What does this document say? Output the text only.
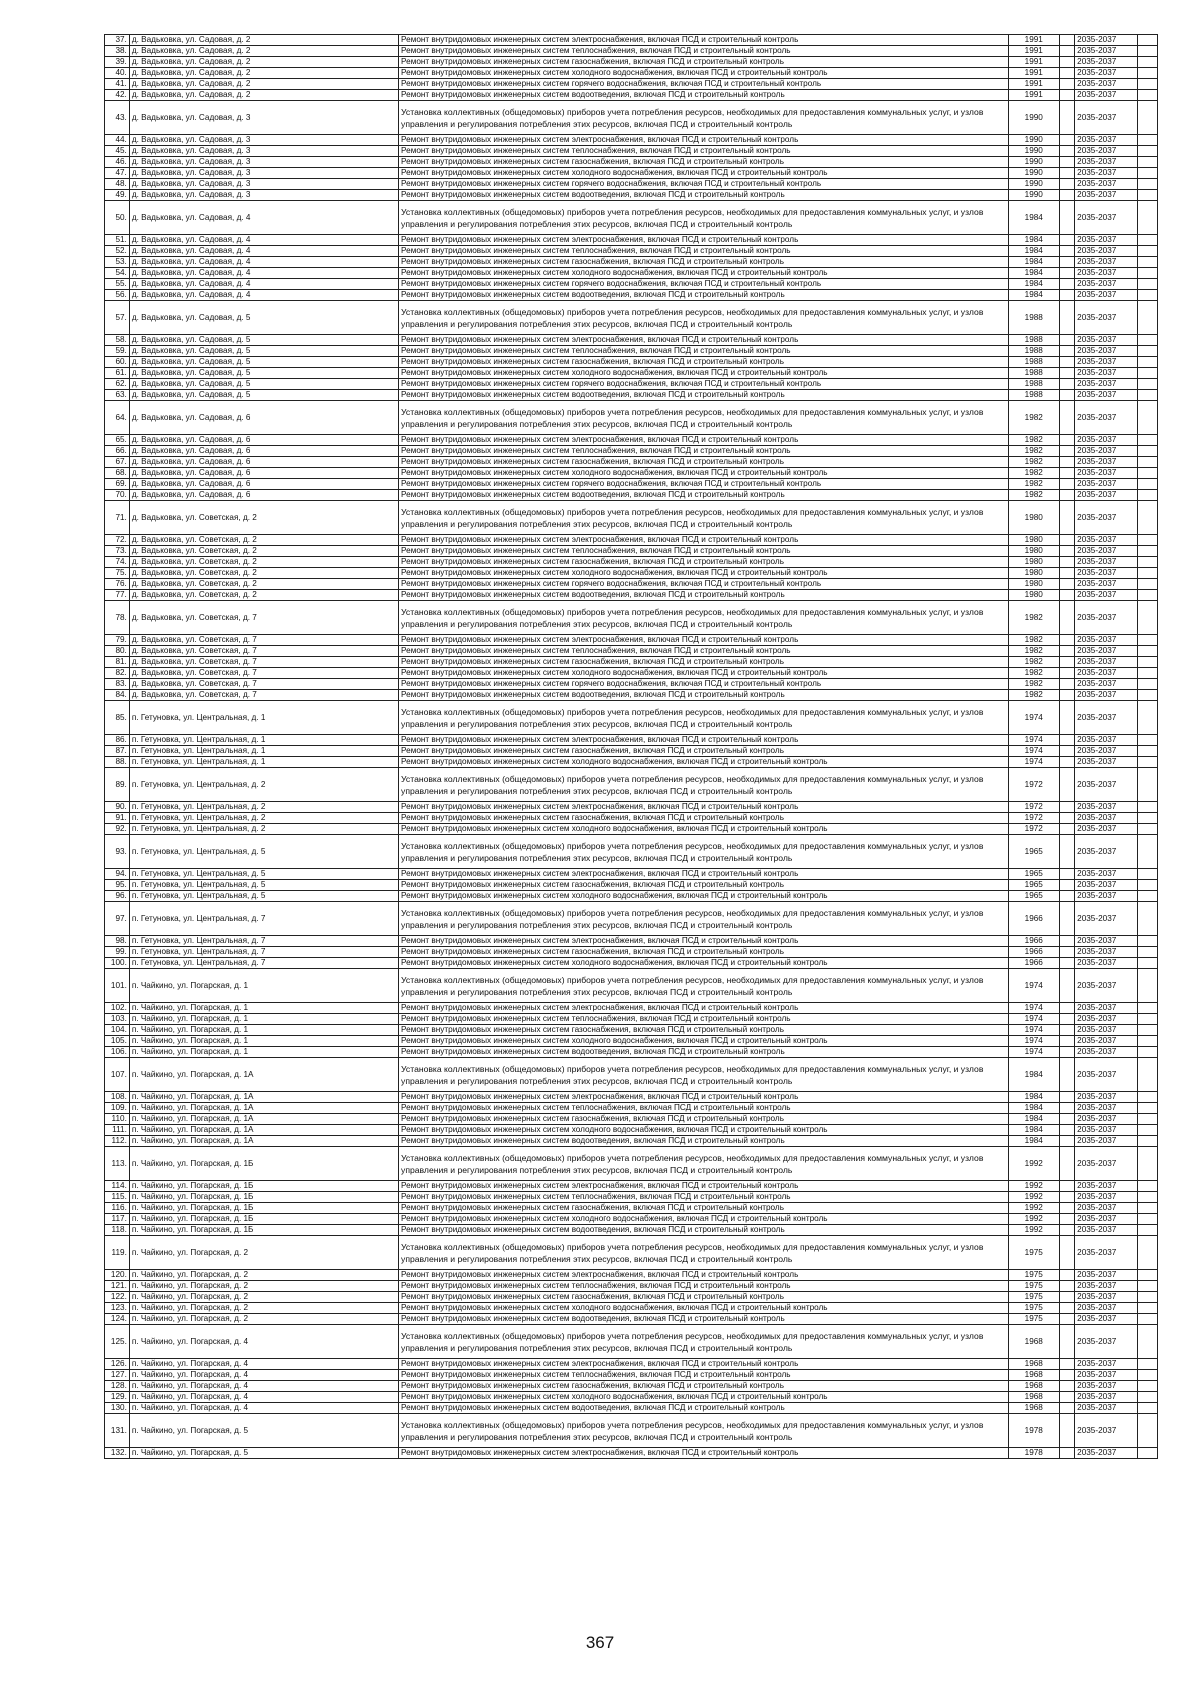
37.	д. Вадьковка, ул. Садовая, д. 2	Ремонт внутридомовых инженерных систем электроснабжения, включая ПСД и строительный контроль	1991		2035-2037	
38.	д. Вадьковка, ул. Садовая, д. 2	Ремонт внутридомовых инженерных систем теплоснабжения, включая ПСД и строительный контроль	1991		2035-2037	
39.	д. Вадьковка, ул. Садовая, д. 2	Ремонт внутридомовых инженерных систем газоснабжения, включая ПСД и строительный контроль	1991		2035-2037	
40.	д. Вадьковка, ул. Садовая, д. 2	Ремонт внутридомовых инженерных систем холодного водоснабжения, включая ПСД и строительный контроль	1991		2035-2037	
41.	д. Вадьковка, ул. Садовая, д. 2	Ремонт внутридомовых инженерных систем горячего водоснабжения, включая ПСД и строительный контроль	1991		2035-2037	
42.	д. Вадьковка, ул. Садовая, д. 2	Ремонт внутридомовых инженерных систем водоотведения, включая ПСД и строительный контроль	1991		2035-2037	
43.	д. Вадьковка, ул. Садовая, д. 3	Установка коллективных (общедомовых) приборов учета потребления ресурсов, необходимых для предоставления коммунальных услуг, и узлов управления и регулирования потребления этих ресурсов, включая ПСД и строительный контроль	1990		2035-2037	
44.	д. Вадьковка, ул. Садовая, д. 3	Ремонт внутридомовых инженерных систем электроснабжения, включая ПСД и строительный контроль	1990		2035-2037	
45.	д. Вадьковка, ул. Садовая, д. 3	Ремонт внутридомовых инженерных систем теплоснабжения, включая ПСД и строительный контроль	1990		2035-2037	
46.	д. Вадьковка, ул. Садовая, д. 3	Ремонт внутридомовых инженерных систем газоснабжения, включая ПСД и строительный контроль	1990		2035-2037	
47.	д. Вадьковка, ул. Садовая, д. 3	Ремонт внутридомовых инженерных систем холодного водоснабжения, включая ПСД и строительный контроль	1990		2035-2037	
48.	д. Вадьковка, ул. Садовая, д. 3	Ремонт внутридомовых инженерных систем горячего водоснабжения, включая ПСД и строительный контроль	1990		2035-2037	
49.	д. Вадьковка, ул. Садовая, д. 3	Ремонт внутридомовых инженерных систем водоотведения, включая ПСД и строительный контроль	1990		2035-2037	
50.	д. Вадьковка, ул. Садовая, д. 4	Установка коллективных (общедомовых) приборов учета потребления ресурсов, необходимых для предоставления коммунальных услуг, и узлов управления и регулирования потребления этих ресурсов, включая ПСД и строительный контроль	1984		2035-2037	
51.	д. Вадьковка, ул. Садовая, д. 4	Ремонт внутридомовых инженерных систем электроснабжения, включая ПСД и строительный контроль	1984		2035-2037	
52.	д. Вадьковка, ул. Садовая, д. 4	Ремонт внутридомовых инженерных систем теплоснабжения, включая ПСД и строительный контроль	1984		2035-2037	
53.	д. Вадьковка, ул. Садовая, д. 4	Ремонт внутридомовых инженерных систем газоснабжения, включая ПСД и строительный контроль	1984		2035-2037	
54.	д. Вадьковка, ул. Садовая, д. 4	Ремонт внутридомовых инженерных систем холодного водоснабжения, включая ПСД и строительный контроль	1984		2035-2037	
55.	д. Вадьковка, ул. Садовая, д. 4	Ремонт внутридомовых инженерных систем горячего водоснабжения, включая ПСД и строительный контроль	1984		2035-2037	
56.	д. Вадьковка, ул. Садовая, д. 4	Ремонт внутридомовых инженерных систем водоотведения, включая ПСД и строительный контроль	1984		2035-2037	
57.	д. Вадьковка, ул. Садовая, д. 5	Установка коллективных (общедомовых) приборов учета потребления ресурсов, необходимых для предоставления коммунальных услуг, и узлов управления и регулирования потребления этих ресурсов, включая ПСД и строительный контроль	1988		2035-2037	
58.	д. Вадьковка, ул. Садовая, д. 5	Ремонт внутридомовых инженерных систем электроснабжения, включая ПСД и строительный контроль	1988		2035-2037	
59.	д. Вадьковка, ул. Садовая, д. 5	Ремонт внутридомовых инженерных систем теплоснабжения, включая ПСД и строительный контроль	1988		2035-2037	
60.	д. Вадьковка, ул. Садовая, д. 5	Ремонт внутридомовых инженерных систем газоснабжения, включая ПСД и строительный контроль	1988		2035-2037	
61.	д. Вадьковка, ул. Садовая, д. 5	Ремонт внутридомовых инженерных систем холодного водоснабжения, включая ПСД и строительный контроль	1988		2035-2037	
62.	д. Вадьковка, ул. Садовая, д. 5	Ремонт внутридомовых инженерных систем горячего водоснабжения, включая ПСД и строительный контроль	1988		2035-2037	
63.	д. Вадьковка, ул. Садовая, д. 5	Ремонт внутридомовых инженерных систем водоотведения, включая ПСД и строительный контроль	1988		2035-2037	
64.	д. Вадьковка, ул. Садовая, д. 6	Установка коллективных (общедомовых) приборов учета потребления ресурсов, необходимых для предоставления коммунальных услуг, и узлов управления и регулирования потребления этих ресурсов, включая ПСД и строительный контроль	1982		2035-2037	
65.	д. Вадьковка, ул. Садовая, д. 6	Ремонт внутридомовых инженерных систем электроснабжения, включая ПСД и строительный контроль	1982		2035-2037	
66.	д. Вадьковка, ул. Садовая, д. 6	Ремонт внутридомовых инженерных систем теплоснабжения, включая ПСД и строительный контроль	1982		2035-2037	
67.	д. Вадьковка, ул. Садовая, д. 6	Ремонт внутридомовых инженерных систем газоснабжения, включая ПСД и строительный контроль	1982		2035-2037	
68.	д. Вадьковка, ул. Садовая, д. 6	Ремонт внутридомовых инженерных систем холодного водоснабжения, включая ПСД и строительный контроль	1982		2035-2037	
69.	д. Вадьковка, ул. Садовая, д. 6	Ремонт внутридомовых инженерных систем горячего водоснабжения, включая ПСД и строительный контроль	1982		2035-2037	
70.	д. Вадьковка, ул. Садовая, д. 6	Ремонт внутридомовых инженерных систем водоотведения, включая ПСД и строительный контроль	1982		2035-2037	
71.	д. Вадьковка, ул. Советская, д. 2	Установка коллективных (общедомовых) приборов учета потребления ресурсов, необходимых для предоставления коммунальных услуг, и узлов управления и регулирования потребления этих ресурсов, включая ПСД и строительный контроль	1980		2035-2037	
72.	д. Вадьковка, ул. Советская, д. 2	Ремонт внутридомовых инженерных систем электроснабжения, включая ПСД и строительный контроль	1980		2035-2037	
73.	д. Вадьковка, ул. Советская, д. 2	Ремонт внутридомовых инженерных систем теплоснабжения, включая ПСД и строительный контроль	1980		2035-2037	
74.	д. Вадьковка, ул. Советская, д. 2	Ремонт внутридомовых инженерных систем газоснабжения, включая ПСД и строительный контроль	1980		2035-2037	
75.	д. Вадьковка, ул. Советская, д. 2	Ремонт внутридомовых инженерных систем холодного водоснабжения, включая ПСД и строительный контроль	1980		2035-2037	
76.	д. Вадьковка, ул. Советская, д. 2	Ремонт внутридомовых инженерных систем горячего водоснабжения, включая ПСД и строительный контроль	1980		2035-2037	
77.	д. Вадьковка, ул. Советская, д. 2	Ремонт внутридомовых инженерных систем водоотведения, включая ПСД и строительный контроль	1980		2035-2037	
78.	д. Вадьковка, ул. Советская, д. 7	Установка коллективных (общедомовых) приборов учета потребления ресурсов, необходимых для предоставления коммунальных услуг, и узлов управления и регулирования потребления этих ресурсов, включая ПСД и строительный контроль	1982		2035-2037	
79.	д. Вадьковка, ул. Советская, д. 7	Ремонт внутридомовых инженерных систем электроснабжения, включая ПСД и строительный контроль	1982		2035-2037	
80.	д. Вадьковка, ул. Советская, д. 7	Ремонт внутридомовых инженерных систем теплоснабжения, включая ПСД и строительный контроль	1982		2035-2037	
81.	д. Вадьковка, ул. Советская, д. 7	Ремонт внутридомовых инженерных систем газоснабжения, включая ПСД и строительный контроль	1982		2035-2037	
82.	д. Вадьковка, ул. Советская, д. 7	Ремонт внутридомовых инженерных систем холодного водоснабжения, включая ПСД и строительный контроль	1982		2035-2037	
83.	д. Вадьковка, ул. Советская, д. 7	Ремонт внутридомовых инженерных систем горячего водоснабжения, включая ПСД и строительный контроль	1982		2035-2037	
84.	д. Вадьковка, ул. Советская, д. 7	Ремонт внутридомовых инженерных систем водоотведения, включая ПСД и строительный контроль	1982		2035-2037	
85.	п. Гетуновка, ул. Центральная, д. 1	Установка коллективных (общедомовых) приборов учета потребления ресурсов, необходимых для предоставления коммунальных услуг, и узлов управления и регулирования потребления этих ресурсов, включая ПСД и строительный контроль	1974		2035-2037	
86.	п. Гетуновка, ул. Центральная, д. 1	Ремонт внутридомовых инженерных систем электроснабжения, включая ПСД и строительный контроль	1974		2035-2037	
87.	п. Гетуновка, ул. Центральная, д. 1	Ремонт внутридомовых инженерных систем газоснабжения, включая ПСД и строительный контроль	1974		2035-2037	
88.	п. Гетуновка, ул. Центральная, д. 1	Ремонт внутридомовых инженерных систем холодного водоснабжения, включая ПСД и строительный контроль	1974		2035-2037	
89.	п. Гетуновка, ул. Центральная, д. 2	Установка коллективных (общедомовых) приборов учета потребления ресурсов, необходимых для предоставления коммунальных услуг, и узлов управления и регулирования потребления этих ресурсов, включая ПСД и строительный контроль	1972		2035-2037	
90.	п. Гетуновка, ул. Центральная, д. 2	Ремонт внутридомовых инженерных систем электроснабжения, включая ПСД и строительный контроль	1972		2035-2037	
91.	п. Гетуновка, ул. Центральная, д. 2	Ремонт внутридомовых инженерных систем газоснабжения, включая ПСД и строительный контроль	1972		2035-2037	
92.	п. Гетуновка, ул. Центральная, д. 2	Ремонт внутридомовых инженерных систем холодного водоснабжения, включая ПСД и строительный контроль	1972		2035-2037	
93.	п. Гетуновка, ул. Центральная, д. 5	Установка коллективных (общедомовых) приборов учета потребления ресурсов, необходимых для предоставления коммунальных услуг, и узлов управления и регулирования потребления этих ресурсов, включая ПСД и строительный контроль	1965		2035-2037	
94.	п. Гетуновка, ул. Центральная, д. 5	Ремонт внутридомовых инженерных систем электроснабжения, включая ПСД и строительный контроль	1965		2035-2037	
95.	п. Гетуновка, ул. Центральная, д. 5	Ремонт внутридомовых инженерных систем газоснабжения, включая ПСД и строительный контроль	1965		2035-2037	
96.	п. Гетуновка, ул. Центральная, д. 5	Ремонт внутридомовых инженерных систем холодного водоснабжения, включая ПСД и строительный контроль	1965		2035-2037	
97.	п. Гетуновка, ул. Центральная, д. 7	Установка коллективных (общедомовых) приборов учета потребления ресурсов, необходимых для предоставления коммунальных услуг, и узлов управления и регулирования потребления этих ресурсов, включая ПСД и строительный контроль	1966		2035-2037	
98.	п. Гетуновка, ул. Центральная, д. 7	Ремонт внутридомовых инженерных систем электроснабжения, включая ПСД и строительный контроль	1966		2035-2037	
99.	п. Гетуновка, ул. Центральная, д. 7	Ремонт внутридомовых инженерных систем газоснабжения, включая ПСД и строительный контроль	1966		2035-2037	
100.	п. Гетуновка, ул. Центральная, д. 7	Ремонт внутридомовых инженерных систем холодного водоснабжения, включая ПСД и строительный контроль	1966		2035-2037	
101.	п. Чайкино, ул. Погарская, д. 1	Установка коллективных (общедомовых) приборов учета потребления ресурсов, необходимых для предоставления коммунальных услуг, и узлов управления и регулирования потребления этих ресурсов, включая ПСД и строительный контроль	1974		2035-2037	
102.	п. Чайкино, ул. Погарская, д. 1	Ремонт внутридомовых инженерных систем электроснабжения, включая ПСД и строительный контроль	1974		2035-2037	
103.	п. Чайкино, ул. Погарская, д. 1	Ремонт внутридомовых инженерных систем теплоснабжения, включая ПСД и строительный контроль	1974		2035-2037	
104.	п. Чайкино, ул. Погарская, д. 1	Ремонт внутридомовых инженерных систем газоснабжения, включая ПСД и строительный контроль	1974		2035-2037	
105.	п. Чайкино, ул. Погарская, д. 1	Ремонт внутридомовых инженерных систем холодного водоснабжения, включая ПСД и строительный контроль	1974		2035-2037	
106.	п. Чайкино, ул. Погарская, д. 1	Ремонт внутридомовых инженерных систем водоотведения, включая ПСД и строительный контроль	1974		2035-2037	
107.	п. Чайкино, ул. Погарская, д. 1А	Установка коллективных (общедомовых) приборов учета потребления ресурсов, необходимых для предоставления коммунальных услуг, и узлов управления и регулирования потребления этих ресурсов, включая ПСД и строительный контроль	1984		2035-2037	
108.	п. Чайкино, ул. Погарская, д. 1А	Ремонт внутридомовых инженерных систем электроснабжения, включая ПСД и строительный контроль	1984		2035-2037	
109.	п. Чайкино, ул. Погарская, д. 1А	Ремонт внутридомовых инженерных систем теплоснабжения, включая ПСД и строительный контроль	1984		2035-2037	
110.	п. Чайкино, ул. Погарская, д. 1А	Ремонт внутридомовых инженерных систем газоснабжения, включая ПСД и строительный контроль	1984		2035-2037	
111.	п. Чайкино, ул. Погарская, д. 1А	Ремонт внутридомовых инженерных систем холодного водоснабжения, включая ПСД и строительный контроль	1984		2035-2037	
112.	п. Чайкино, ул. Погарская, д. 1А	Ремонт внутридомовых инженерных систем водоотведения, включая ПСД и строительный контроль	1984		2035-2037	
113.	п. Чайкино, ул. Погарская, д. 1Б	Установка коллективных (общедомовых) приборов учета потребления ресурсов, необходимых для предоставления коммунальных услуг, и узлов управления и регулирования потребления этих ресурсов, включая ПСД и строительный контроль	1992		2035-2037	
114.	п. Чайкино, ул. Погарская, д. 1Б	Ремонт внутридомовых инженерных систем электроснабжения, включая ПСД и строительный контроль	1992		2035-2037	
115.	п. Чайкино, ул. Погарская, д. 1Б	Ремонт внутридомовых инженерных систем теплоснабжения, включая ПСД и строительный контроль	1992		2035-2037	
116.	п. Чайкино, ул. Погарская, д. 1Б	Ремонт внутридомовых инженерных систем газоснабжения, включая ПСД и строительный контроль	1992		2035-2037	
117.	п. Чайкино, ул. Погарская, д. 1Б	Ремонт внутридомовых инженерных систем холодного водоснабжения, включая ПСД и строительный контроль	1992		2035-2037	
118.	п. Чайкино, ул. Погарская, д. 1Б	Ремонт внутридомовых инженерных систем водоотведения, включая ПСД и строительный контроль	1992		2035-2037	
119.	п. Чайкино, ул. Погарская, д. 2	Установка коллективных (общедомовых) приборов учета потребления ресурсов, необходимых для предоставления коммунальных услуг, и узлов управления и регулирования потребления этих ресурсов, включая ПСД и строительный контроль	1975		2035-2037	
120.	п. Чайкино, ул. Погарская, д. 2	Ремонт внутридомовых инженерных систем электроснабжения, включая ПСД и строительный контроль	1975		2035-2037	
121.	п. Чайкино, ул. Погарская, д. 2	Ремонт внутридомовых инженерных систем теплоснабжения, включая ПСД и строительный контроль	1975		2035-2037	
122.	п. Чайкино, ул. Погарская, д. 2	Ремонт внутридомовых инженерных систем газоснабжения, включая ПСД и строительный контроль	1975		2035-2037	
123.	п. Чайкино, ул. Погарская, д. 2	Ремонт внутридомовых инженерных систем холодного водоснабжения, включая ПСД и строительный контроль	1975		2035-2037	
124.	п. Чайкино, ул. Погарская, д. 2	Ремонт внутридомовых инженерных систем водоотведения, включая ПСД и строительный контроль	1975		2035-2037	
125.	п. Чайкино, ул. Погарская, д. 4	Установка коллективных (общедомовых) приборов учета потребления ресурсов, необходимых для предоставления коммунальных услуг, и узлов управления и регулирования потребления этих ресурсов, включая ПСД и строительный контроль	1968		2035-2037	
126.	п. Чайкино, ул. Погарская, д. 4	Ремонт внутридомовых инженерных систем электроснабжения, включая ПСД и строительный контроль	1968		2035-2037	
127.	п. Чайкино, ул. Погарская, д. 4	Ремонт внутридомовых инженерных систем теплоснабжения, включая ПСД и строительный контроль	1968		2035-2037	
128.	п. Чайкино, ул. Погарская, д. 4	Ремонт внутридомовых инженерных систем газоснабжения, включая ПСД и строительный контроль	1968		2035-2037	
129.	п. Чайкино, ул. Погарская, д. 4	Ремонт внутридомовых инженерных систем холодного водоснабжения, включая ПСД и строительный контроль	1968		2035-2037	
130.	п. Чайкино, ул. Погарская, д. 4	Ремонт внутридомовых инженерных систем водоотведения, включая ПСД и строительный контроль	1968		2035-2037	
131.	п. Чайкино, ул. Погарская, д. 5	Установка коллективных (общедомовых) приборов учета потребления ресурсов, необходимых для предоставления коммунальных услуг, и узлов управления и регулирования потребления этих ресурсов, включая ПСД и строительный контроль	1978		2035-2037	
132.	п. Чайкино, ул. Погарская, д. 5	Ремонт внутридомовых инженерных систем электроснабжения, включая ПСД и строительный контроль	1978		2035-2037	
367
